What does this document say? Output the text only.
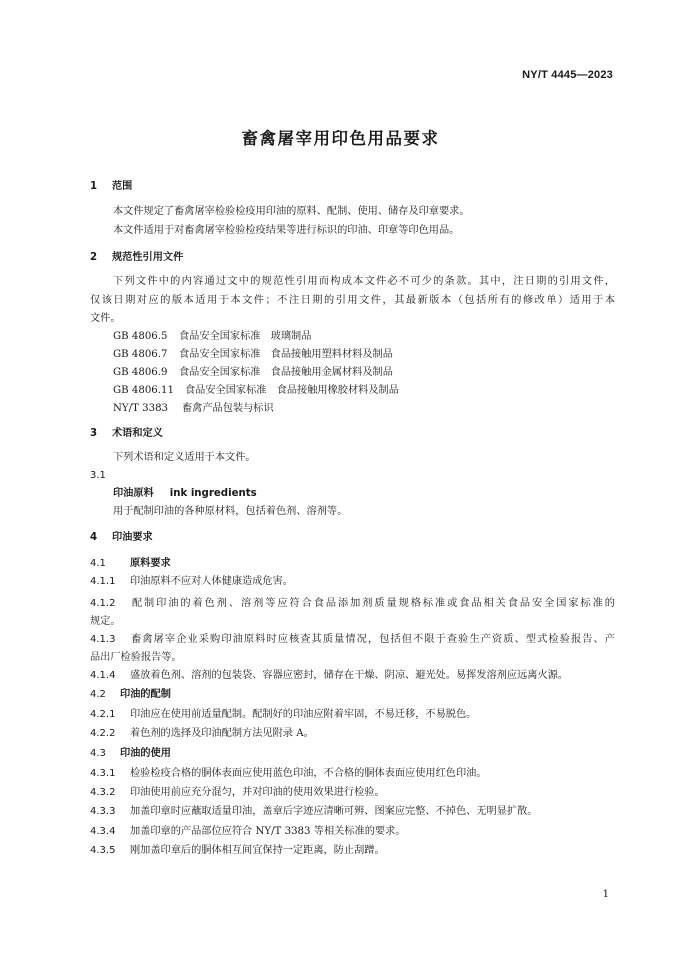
NY/T 4445—2023
畜禽屠宰用印色用品要求
1 范围
本文件规定了畜禽屠宰检验检疫用印油的原料、配制、使用、储存及印章要求。
本文件适用于对畜禽屠宰检验检疫结果等进行标识的印油、印章等印色用品。
2 规范性引用文件
下列文件中的内容通过文中的规范性引用而构成本文件必不可少的条款。其中，注日期的引用文件，
仅该日期对应的版本适用于本文件；不注日期的引用文件，其最新版本（包括所有的修改单）适用于本
文件。
GB 4806.5 食品安全国家标准　玻璃制品
GB 4806.7 食品安全国家标准　食品接触用塑料材料及制品
GB 4806.9 食品安全国家标准　食品接触用金属材料及制品
GB 4806.11 食品安全国家标准　食品接触用橡胶材料及制品
NY/T 3383 畜禽产品包装与标识
3 术语和定义
下列术语和定义适用于本文件。
3.1
印油原料 ink ingredients
用于配制印油的各种原材料，包括着色剂、溶剂等。
4 印油要求
4.1 原料要求
4.1.1 印油原料不应对人体健康造成危害。
4.1.2 配制印油的着色剂、溶剂等应符合食品添加剂质量规格标准或食品相关食品安全国家标准的
规定。
4.1.3 畜禽屠宰企业采购印油原料时应核查其质量情况，包括但不限于查验生产资质、型式检验报告、产
品出厂检验报告等。
4.1.4 盛放着色剂、溶剂的包装袋、容器应密封，储存在干燥、阴凉、避光处。易挥发溶剂应远离火源。
4.2 印油的配制
4.2.1 印油应在使用前适量配制。配制好的印油应附着牢固，不易迁移，不易脱色。
4.2.2 着色剂的选择及印油配制方法见附录 A。
4.3 印油的使用
4.3.1 检验检疫合格的胴体表面应使用蓝色印油，不合格的胴体表面应使用红色印油。
4.3.2 印油使用前应充分混匀，并对印油的使用效果进行检验。
4.3.3 加盖印章时应蘸取适量印油，盖章后字迹应清晰可辨、图案应完整、不掉色、无明显扩散。
4.3.4 加盖印章的产品部位应符合 NY/T 3383 等相关标准的要求。
4.3.5 刚加盖印章后的胴体相互间宜保持一定距离，防止刮蹭。
1
